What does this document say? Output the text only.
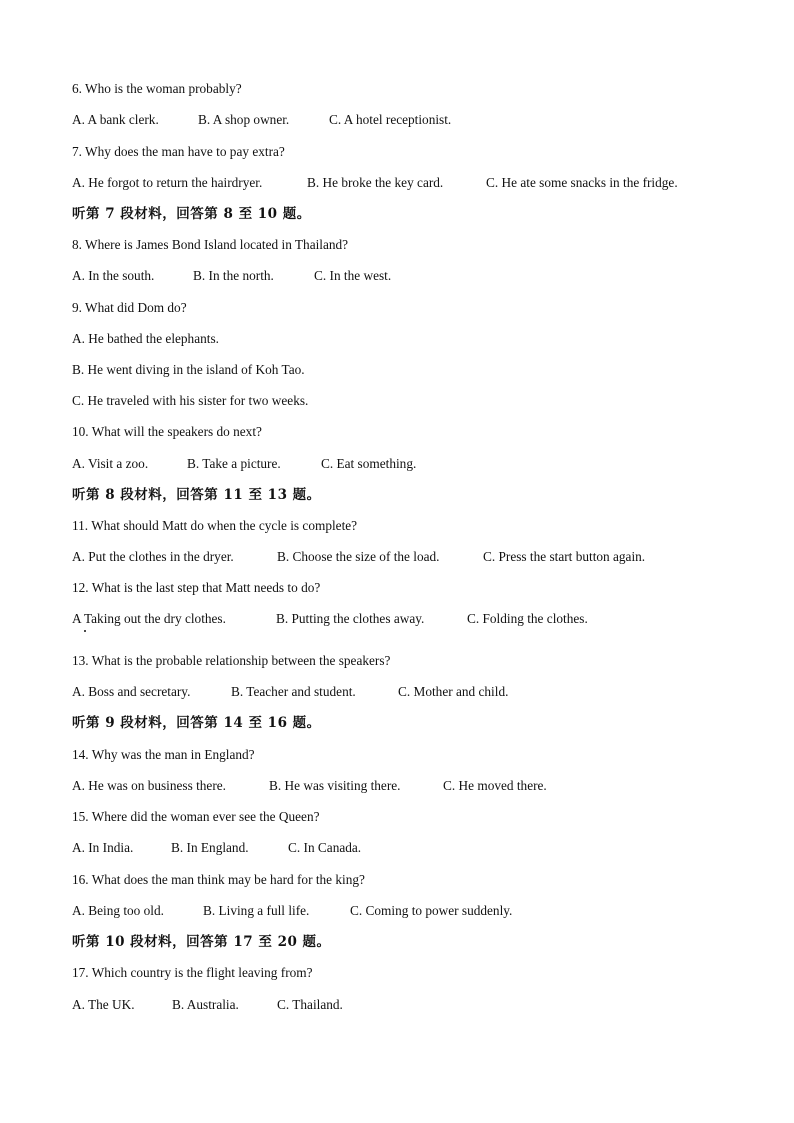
6. Who is the woman probably?
A. A bank clerk.	B. A shop owner.	C. A hotel receptionist.
7. Why does the man have to pay extra?
A. He forgot to return the hairdryer.	B. He broke the key card.	C. He ate some snacks in the fridge.
听第 7 段材料，回答第 8 至 10 题。
8. Where is James Bond Island located in Thailand?
A. In the south.	B. In the north.	C. In the west.
9. What did Dom do?
A. He bathed the elephants.
B. He went diving in the island of Koh Tao.
C. He traveled with his sister for two weeks.
10. What will the speakers do next?
A. Visit a zoo.	B. Take a picture.	C. Eat something.
听第 8 段材料，回答第 11 至 13 题。
11. What should Matt do when the cycle is complete?
A. Put the clothes in the dryer.	B. Choose the size of the load.	C. Press the start button again.
12. What is the last step that Matt needs to do?
A Taking out the dry clothes.	B. Putting the clothes away.	C. Folding the clothes.
13. What is the probable relationship between the speakers?
A. Boss and secretary.	B. Teacher and student.	C. Mother and child.
听第 9 段材料，回答第 14 至 16 题。
14. Why was the man in England?
A. He was on business there.	B. He was visiting there.	C. He moved there.
15. Where did the woman ever see the Queen?
A. In India.	B. In England.	C. In Canada.
16. What does the man think may be hard for the king?
A. Being too old.	B. Living a full life.	C. Coming to power suddenly.
听第 10 段材料，回答第 17 至 20 题。
17. Which country is the flight leaving from?
A. The UK.	B. Australia.	C. Thailand.
